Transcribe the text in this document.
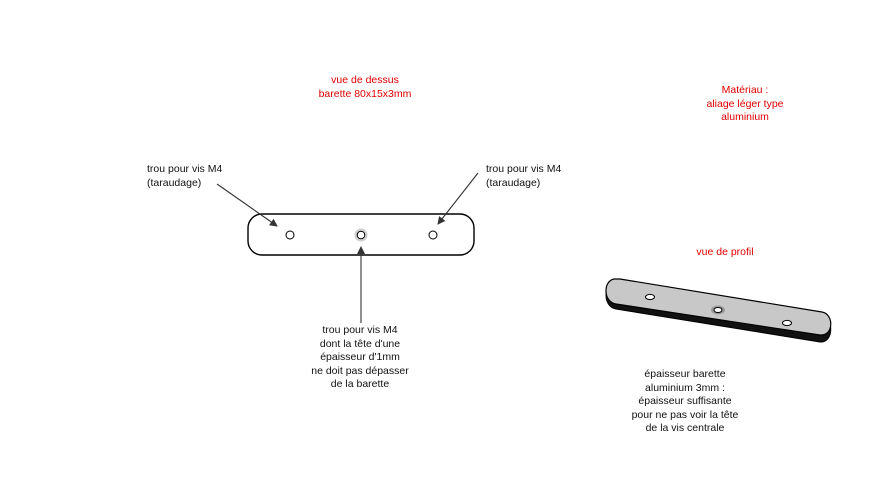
vue de dessus
barette 80x15x3mm	Matériau :
aliage léger type
aluminium
trou pour vis M4
(taraudage)
trou pour vis M4
(taraudage)
trou pour vis M4
dont la tête d'une
épaisseur d'1mm
ne doit pas dépasser
de la barette
vue de profil
épaisseur barette
aluminium 3mm :
épaisseur suffisante
pour ne pas voir la tête
de la vis centrale
